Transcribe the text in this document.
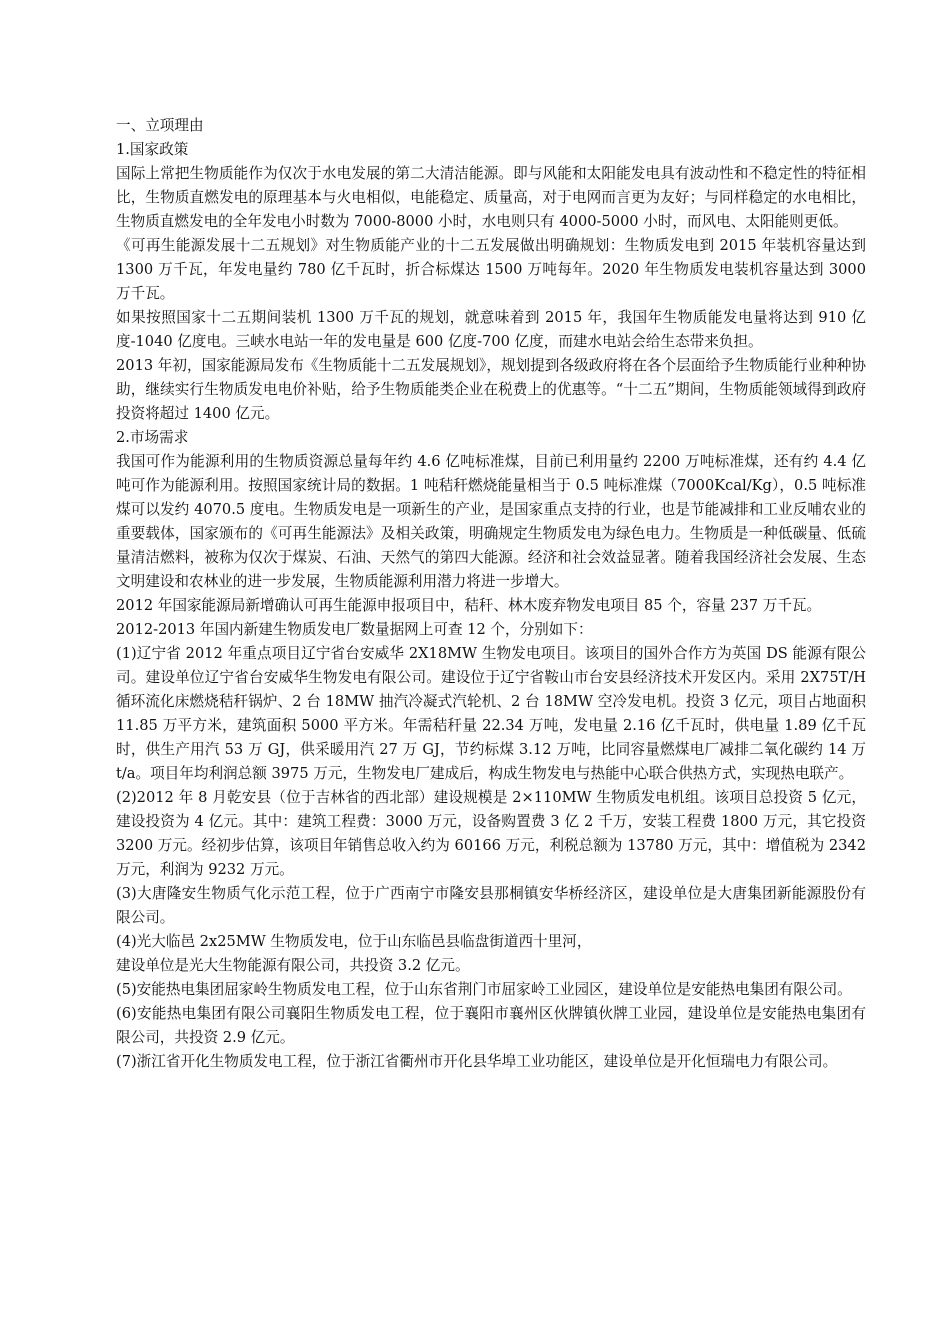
一、立项理由

1.国家政策

国际上常把生物质能作为仅次于水电发展的第二大清洁能源。即与风能和太阳能发电具有波动性和不稳定性的特征相比，生物质直燃发电的原理基本与火电相似，电能稳定、质量高，对于电网而言更为友好；与同样稳定的水电相比，生物质直燃发电的全年发电小时数为 7000-8000 小时，水电则只有 4000-5000 小时，而风电、太阳能则更低。

《可再生能源发展十二五规划》对生物质能产业的十二五发展做出明确规划：生物质发电到 2015 年装机容量达到 1300 万千瓦，年发电量约 780 亿千瓦时，折合标煤达 1500 万吨每年。2020 年生物质发电装机容量达到 3000 万千瓦。

如果按照国家十二五期间装机 1300 万千瓦的规划，就意味着到 2015 年，我国年生物质能发电量将达到 910 亿度-1040 亿度电。三峡水电站一年的发电量是 600 亿度-700 亿度，而建水电站会给生态带来负担。

2013 年初，国家能源局发布《生物质能十二五发展规划》，规划提到各级政府将在各个层面给予生物质能行业种种协助，继续实行生物质发电电价补贴，给予生物质能类企业在税费上的优惠等。“十二五”期间，生物质能领域得到政府投资将超过 1400 亿元。

2.市场需求

我国可作为能源利用的生物质资源总量每年约 4.6 亿吨标准煤，目前已利用量约 2200 万吨标准煤，还有约 4.4 亿吨可作为能源利用。按照国家统计局的数据。1 吨秸秆燃烧能量相当于 0.5 吨标准煤（7000Kcal/Kg），0.5 吨标准煤可以发约 4070.5 度电。生物质发电是一项新生的产业，是国家重点支持的行业，也是节能减排和工业反哺农业的重要载体，国家颁布的《可再生能源法》及相关政策，明确规定生物质发电为绿色电力。生物质是一种低碳量、低硫量清洁燃料，被称为仅次于煤炭、石油、天然气的第四大能源。经济和社会效益显著。随着我国经济社会发展、生态文明建设和农林业的进一步发展，生物质能源利用潜力将进一步增大。

2012 年国家能源局新增确认可再生能源申报项目中，秸秆、林木废弃物发电项目 85 个，容量 237 万千瓦。

2012-2013 年国内新建生物质发电厂数量据网上可查 12 个，分别如下：

(1)辽宁省 2012 年重点项目辽宁省台安威华 2X18MW 生物发电项目。该项目的国外合作方为英国 DS 能源有限公司。建设单位辽宁省台安威华生物发电有限公司。建设位于辽宁省鞍山市台安县经济技术开发区内。采用 2X75T/H 循环流化床燃烧秸秆锅炉、2 台 18MW 抽汽冷凝式汽轮机、2 台 18MW 空冷发电机。投资 3 亿元，项目占地面积 11.85 万平方米，建筑面积 5000 平方米。年需秸秆量 22.34 万吨，发电量 2.16 亿千瓦时，供电量 1.89 亿千瓦时，供生产用汽 53 万 GJ，供采暖用汽 27 万 GJ，节约标煤 3.12 万吨，比同容量燃煤电厂减排二氧化碳约 14 万 t/a。项目年均利润总额 3975 万元，生物发电厂建成后，构成生物发电与热能中心联合供热方式，实现热电联产。

(2)2012 年 8 月乾安县（位于吉林省的西北部）建设规模是 2×110MW 生物质发电机组。该项目总投资 5 亿元，建设投资为 4 亿元。其中：建筑工程费：3000 万元，设备购置费 3 亿 2 千万，安装工程费 1800 万元，其它投资 3200 万元。经初步估算，该项目年销售总收入约为 60166 万元，利税总额为 13780 万元，其中：增值税为 2342 万元，利润为 9232 万元。

(3)大唐隆安生物质气化示范工程，位于广西南宁市隆安县那桐镇安华桥经济区，建设单位是大唐集团新能源股份有限公司。

(4)光大临邑 2x25MW 生物质发电，位于山东临邑县临盘街道西十里河，

建设单位是光大生物能源有限公司，共投资 3.2 亿元。

(5)安能热电集团屈家岭生物质发电工程，位于山东省荆门市屈家岭工业园区，建设单位是安能热电集团有限公司。

(6)安能热电集团有限公司襄阳生物质发电工程，位于襄阳市襄州区伙牌镇伙牌工业园，建设单位是安能热电集团有限公司，共投资 2.9 亿元。

(7)浙江省开化生物质发电工程，位于浙江省衢州市开化县华埠工业功能区，建设单位是开化恒瑞电力有限公司。
